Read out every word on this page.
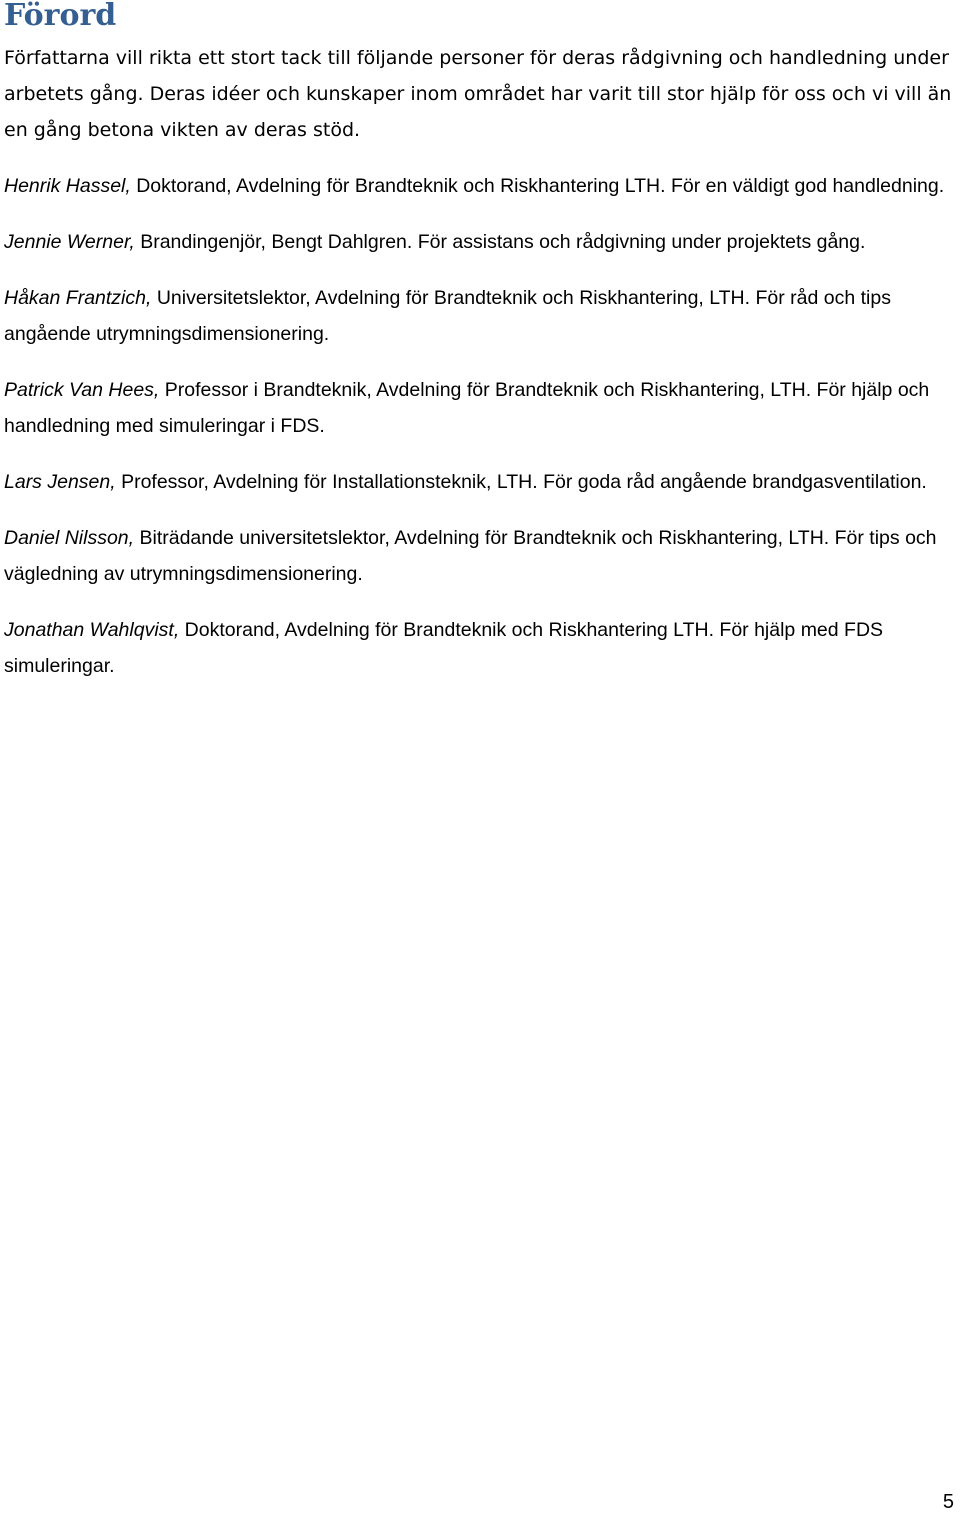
Förord

Författarna vill rikta ett stort tack till följande personer för deras rådgivning och handledning under arbetets gång. Deras idéer och kunskaper inom området har varit till stor hjälp för oss och vi vill än en gång betona vikten av deras stöd.

Henrik Hassel, Doktorand, Avdelning för Brandteknik och Riskhantering LTH. För en väldigt god handledning.

Jennie Werner, Brandingenjör, Bengt Dahlgren. För assistans och rådgivning under projektets gång.

Håkan Frantzich, Universitetslektor, Avdelning för Brandteknik och Riskhantering, LTH. För råd och tips angående utrymningsdimensionering.

Patrick Van Hees, Professor i Brandteknik, Avdelning för Brandteknik och Riskhantering, LTH. För hjälp och handledning med simuleringar i FDS.

Lars Jensen, Professor, Avdelning för Installationsteknik, LTH. För goda råd angående brandgasventilation.

Daniel Nilsson, Biträdande universitetslektor, Avdelning för Brandteknik och Riskhantering, LTH. För tips och vägledning av utrymningsdimensionering.

Jonathan Wahlqvist, Doktorand, Avdelning för Brandteknik och Riskhantering LTH. För hjälp med FDS simuleringar.

5
